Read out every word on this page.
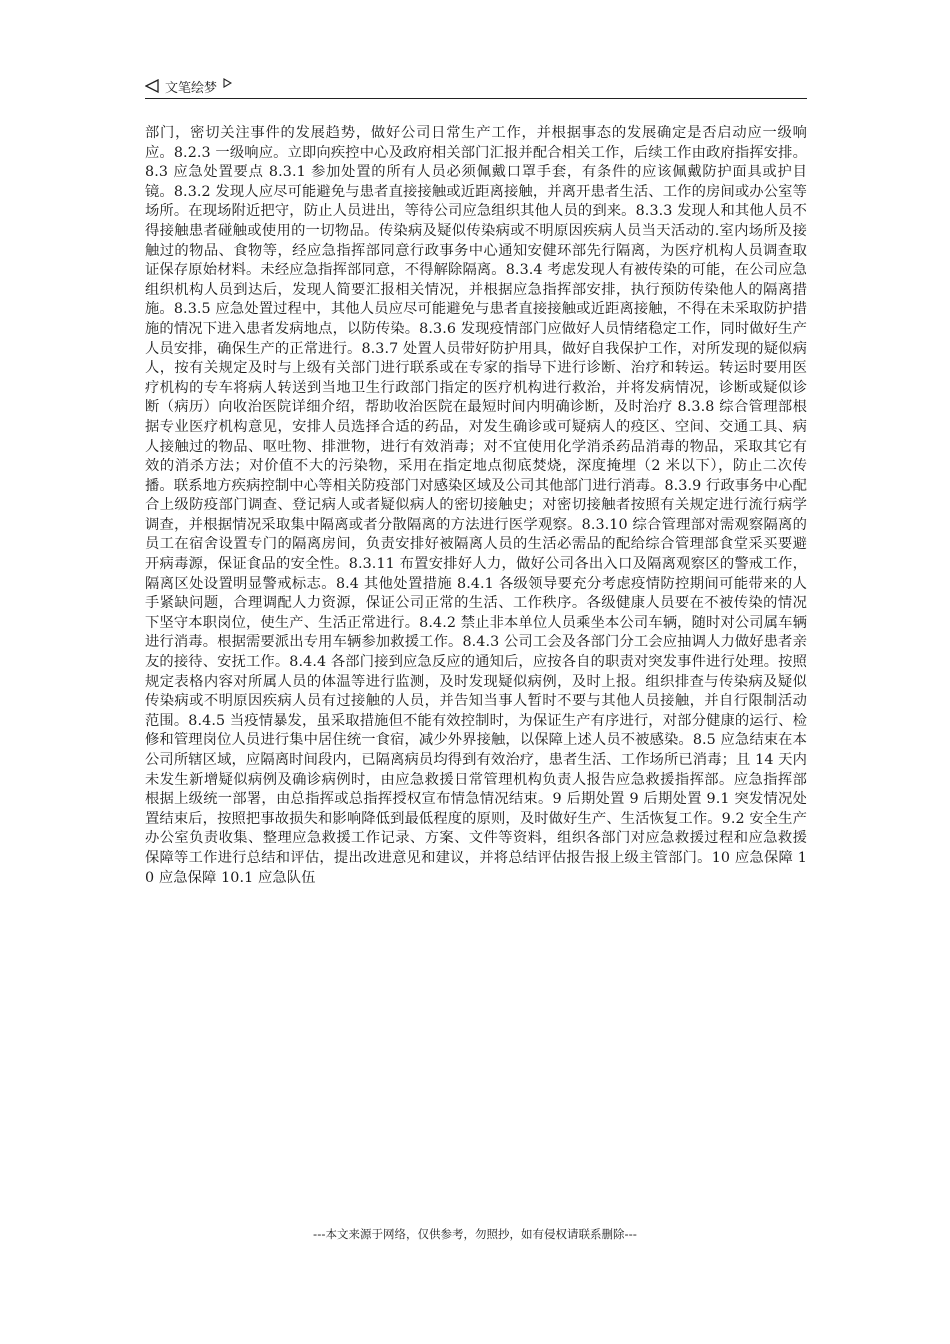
文笔绘梦

部门，密切关注事件的发展趋势，做好公司日常生产工作，并根据事态的发展确定是否启动应一级响应。8.2.3 一级响应。立即向疾控中心及政府相关部门汇报并配合相关工作，后续工作由政府指挥安排。8.3 应急处置要点 8.3.1 参加处置的所有人员必须佩戴口罩手套，有条件的应该佩戴防护面具或护目镜。8.3.2 发现人应尽可能避免与患者直接接触或近距离接触，并离开患者生活、工作的房间或办公室等场所。在现场附近把守，防止人员进出，等待公司应急组织其他人员的到来。8.3.3 发现人和其他人员不得接触患者碰触或使用的一切物品。传染病及疑似传染病或不明原因疾病人员当天活动的.室内场所及接触过的物品、食物等，经应急指挥部同意行政事务中心通知安健环部先行隔离，为医疗机构人员调查取证保存原始材料。未经应急指挥部同意，不得解除隔离。8.3.4 考虑发现人有被传染的可能，在公司应急组织机构人员到达后，发现人简要汇报相关情况，并根据应急指挥部安排，执行预防传染他人的隔离措施。8.3.5 应急处置过程中，其他人员应尽可能避免与患者直接接触或近距离接触，不得在未采取防护措施的情况下进入患者发病地点，以防传染。8.3.6 发现疫情部门应做好人员情绪稳定工作，同时做好生产人员安排，确保生产的正常进行。8.3.7 处置人员带好防护用具，做好自我保护工作，对所发现的疑似病人，按有关规定及时与上级有关部门进行联系或在专家的指导下进行诊断、治疗和转运。转运时要用医疗机构的专车将病人转送到当地卫生行政部门指定的医疗机构进行救治，并将发病情况，诊断或疑似诊断（病历）向收治医院详细介绍，帮助收治医院在最短时间内明确诊断，及时治疗 8.3.8 综合管理部根据专业医疗机构意见，安排人员选择合适的药品，对发生确诊或可疑病人的疫区、空间、交通工具、病人接触过的物品、呕吐物、排泄物，进行有效消毒；对不宜使用化学消杀药品消毒的物品，采取其它有效的消杀方法；对价值不大的污染物，采用在指定地点彻底焚烧，深度掩埋（2 米以下），防止二次传播。联系地方疾病控制中心等相关防疫部门对感染区域及公司其他部门进行消毒。8.3.9 行政事务中心配合上级防疫部门调查、登记病人或者疑似病人的密切接触史；对密切接触者按照有关规定进行流行病学调查，并根据情况采取集中隔离或者分散隔离的方法进行医学观察。8.3.10 综合管理部对需观察隔离的员工在宿舍设置专门的隔离房间，负责安排好被隔离人员的生活必需品的配给综合管理部食堂采买要避开病毒源，保证食品的安全性。8.3.11 布置安排好人力，做好公司各出入口及隔离观察区的警戒工作，隔离区处设置明显警戒标志。8.4 其他处置措施 8.4.1 各级领导要充分考虑疫情防控期间可能带来的人手紧缺问题，合理调配人力资源，保证公司正常的生活、工作秩序。各级健康人员要在不被传染的情况下坚守本职岗位，使生产、生活正常进行。8.4.2 禁止非本单位人员乘坐本公司车辆，随时对公司属车辆进行消毒。根据需要派出专用车辆参加救援工作。8.4.3 公司工会及各部门分工会应抽调人力做好患者亲友的接待、安抚工作。8.4.4 各部门接到应急反应的通知后，应按各自的职责对突发事件进行处理。按照规定表格内容对所属人员的体温等进行监测，及时发现疑似病例，及时上报。组织排查与传染病及疑似传染病或不明原因疾病人员有过接触的人员，并告知当事人暂时不要与其他人员接触，并自行限制活动范围。8.4.5 当疫情暴发，虽采取措施但不能有效控制时，为保证生产有序进行，对部分健康的运行、检修和管理岗位人员进行集中居住统一食宿，减少外界接触，以保障上述人员不被感染。8.5 应急结束在本公司所辖区域，应隔离时间段内，已隔离病员均得到有效治疗，患者生活、工作场所已消毒；且 14 天内未发生新增疑似病例及确诊病例时，由应急救援日常管理机构负责人报告应急救援指挥部。应急指挥部根据上级统一部署，由总指挥或总指挥授权宣布情急情况结束。9 后期处置 9 后期处置 9.1 突发情况处置结束后，按照把事故损失和影响降低到最低程度的原则，及时做好生产、生活恢复工作。9.2 安全生产办公室负责收集、整理应急救援工作记录、方案、文件等资料，组织各部门对应急救援过程和应急救援保障等工作进行总结和评估，提出改进意见和建议，并将总结评估报告报上级主管部门。10 应急保障 10 应急保障 10.1 应急队伍

---本文来源于网络，仅供参考，勿照抄，如有侵权请联系删除---
